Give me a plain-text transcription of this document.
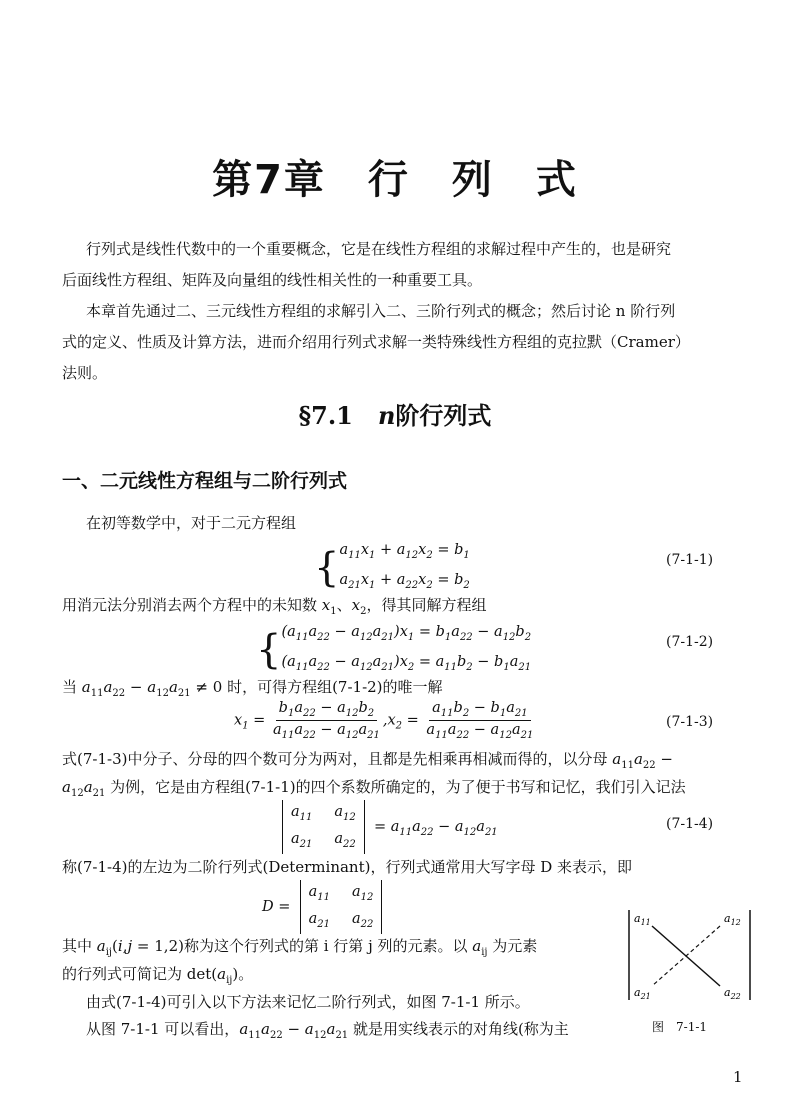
第7章　行　列　式
行列式是线性代数中的一个重要概念，它是在线性方程组的求解过程中产生的，也是研究
后面线性方程组、矩阵及向量组的线性相关性的一种重要工具。
本章首先通过二、三元线性方程组的求解引入二、三阶行列式的概念；然后讨论 n 阶行列
式的定义、性质及计算方法，进而介绍用行列式求解一类特殊线性方程组的克拉默（Cramer）
法则。
§7.1 n阶行列式
一、二元线性方程组与二阶行列式
在初等数学中，对于二元方程组
{ $a_{11}x_1 + a_{12}x_2 = b_1$
$a_{21}x_1 + a_{22}x_2 = b_2$
(7-1-1)
用消元法分别消去两个方程中的未知数 $x_1$、$x_2$，得其同解方程组
{ $(a_{11}a_{22} - a_{12}a_{21})x_1 = b_1a_{22} - a_{12}b_2$
$(a_{11}a_{22} - a_{12}a_{21})x_2 = a_{11}b_2 - b_1a_{21}$
(7-1-2)
当 $a_{11}a_{22} - a_{12}a_{21} \ne 0$ 时，可得方程组(7-1-2)的唯一解
$x_1 = \frac{b_1a_{22} - a_{12}b_2}{a_{11}a_{22} - a_{12}a_{21}} ,x_2 = \frac{a_{11}b_2 - b_1a_{21}}{a_{11}a_{22} - a_{12}a_{21}}$	(7-1-3)
式(7-1-3)中分子、分母的四个数可分为两对，且都是先相乘再相减而得的，以分母 $a_{11}a_{22}$ −
$a_{12}a_{21}$ 为例，它是由方程组(7-1-1)的四个系数所确定的，为了便于书写和记忆，我们引入记法
$a_{11}$ $a_{12}$
$a_{21}$ $a_{22}$
= $a_{11}a_{22} - a_{12}a_{21}$
(7-1-4)
称(7-1-4)的左边为二阶行列式(Determinant)，行列式通常用大写字母 D 来表示，即
D =
$a_{11}$ $a_{12}$
$a_{21}$ $a_{22}$
其中 $a_{ij}(i,j = 1,2)$称为这个行列式的第 i 行第 j 列的元素。以 $a_{ij}$ 为元素
的行列式可简记为 $\det(a_{ij})$。
由式(7-1-4)可引入以下方法来记忆二阶行列式，如图 7-1-1 所示。
从图 7-1-1 可以看出，$a_{11}a_{22} - a_{12}a_{21}$ 就是用实线表示的对角线(称为主
$a_{11}$	$a_{12}$
$a_{21}$	$a_{22}$
图　7-1-1
1
